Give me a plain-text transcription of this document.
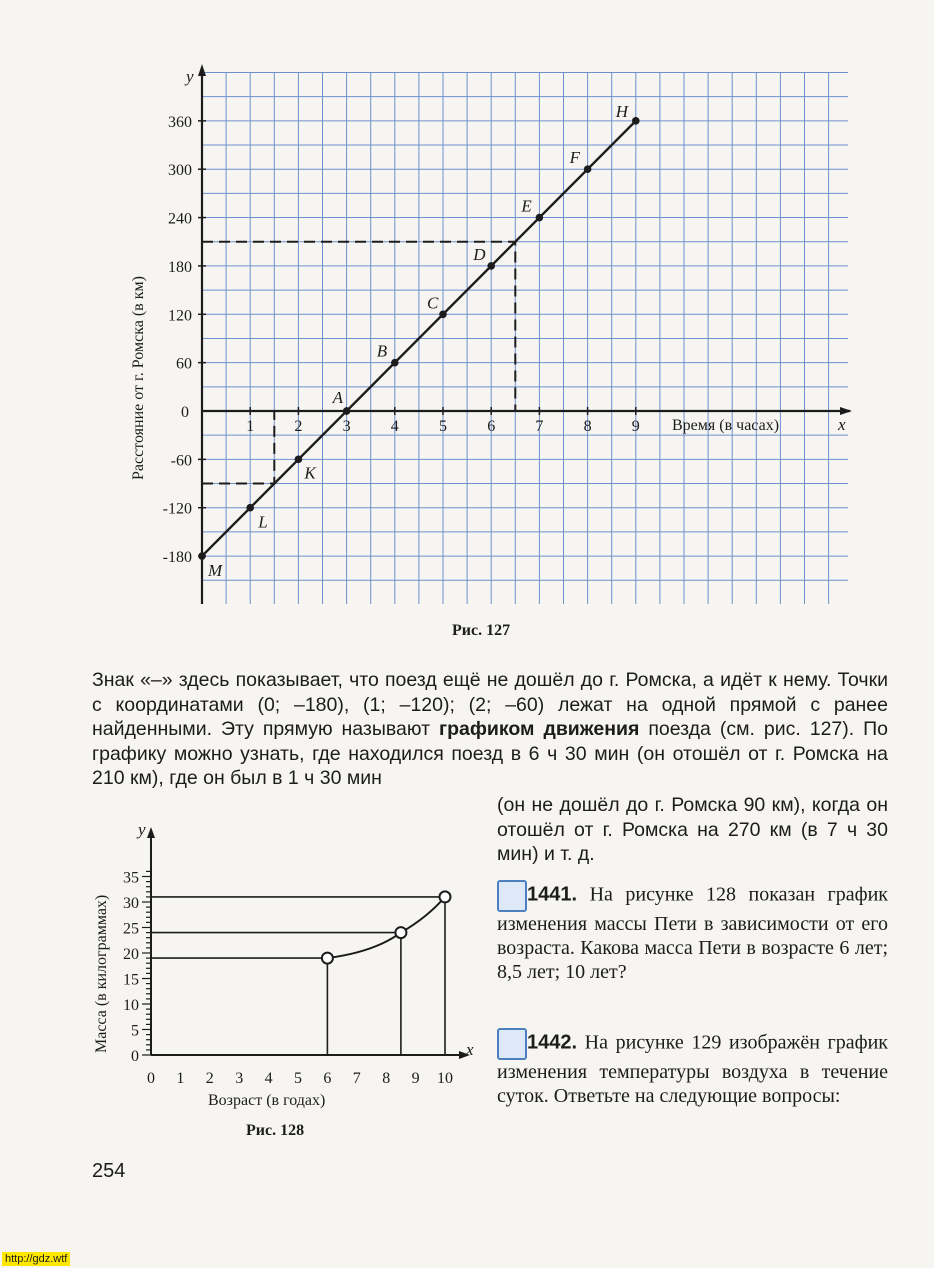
1	2	3	4	5	6	7	8	9
360
300
240
180
120
60
-60
-120
-180
M
L
K
A
B
C
D
E
F
H
y
x
Время (в часах)
Расстояние от г. Ромска (в км) 0
Рис. 127

Знак «–» здесь показывает, что поезд ещё не дошёл до г. Ромска, а идёт к нему. Точки с координатами (0; –180), (1; –120); (2; –60) лежат на одной прямой с ранее найденными. Эту прямую называют графиком движения поезда (см. рис. 127). По графику можно узнать, где находился поезд в 6 ч 30 мин (он отошёл от г. Ромска на 210 км), где он был в 1 ч 30 мин

(он не дошёл до г. Ромска 90 км), когда он отошёл от г. Ромска на 270 км (в 7 ч 30 мин) и т. д.

35
30
25
20
15
10
5
0
0 1 2 3 4 5 6 7 8 9 10
y
x
Возраст (в годах)
Масса (в килограммах)
Рис. 128

1441. На рисунке 128 показан график изменения массы Пети в зависимости от его возраста. Какова масса Пети в возрасте 6 лет; 8,5 лет; 10 лет?

1442. На рисунке 129 изображён график изменения температуры воздуха в течение суток. Ответьте на следующие вопросы:

254
http://gdz.wtf
